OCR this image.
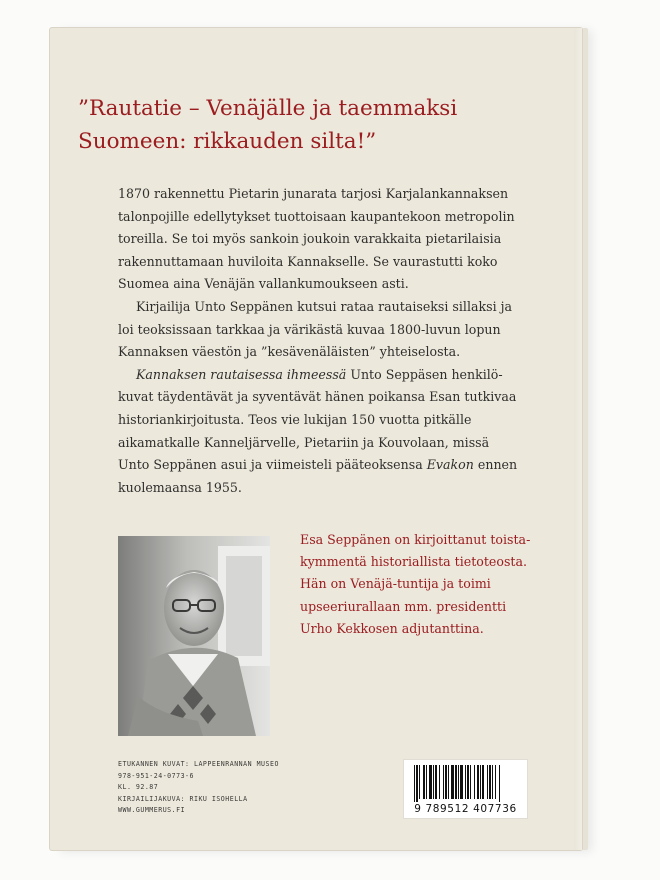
”Rautatie – Venäjälle ja taemmaksi
Suomeen: rikkauden silta!”
1870 rakennettu Pietarin junarata tarjosi Karjalankannaksen
talonpojille edellytykset tuottoisaan kaupantekoon metropolin
toreilla. Se toi myös sankoin joukoin varakkaita pietarilaisia
rakennuttamaan huviloita Kannakselle. Se vaurastutti koko
Suomea aina Venäjän vallankumoukseen asti.
Kirjailija Unto Seppänen kutsui rataa rautaiseksi sillaksi ja
loi teoksissaan tarkkaa ja värikästä kuvaa 1800-luvun lopun
Kannaksen väestön ja ”kesävenäläisten” yhteiselosta.
Kannaksen rautaisessa ihmeessä Unto Seppäsen henkilö-
kuvat täydentävät ja syventävät hänen poikansa Esan tutkivaa
historiankirjoitusta. Teos vie lukijan 150 vuotta pitkälle
aikamatkalle Kanneljärvelle, Pietariin ja Kouvolaan, missä
Unto Seppänen asui ja viimeisteli pääteoksensa Evakon ennen
kuolemaansa 1955.
Esa Seppänen on kirjoittanut toista-
kymmentä historiallista tietoteosta.
Hän on Venäjä-tuntija ja toimi
upseeriurallaan mm. presidentti
Urho Kekkosen adjutanttina.
ETUKANNEN KUVAT: LAPPEENRANNAN MUSEO
978-951-24-0773-6
KL. 92.87
KIRJAILIJAKUVA: RIKU ISOHELLA
WWW.GUMMERUS.FI	9 789512 407736
